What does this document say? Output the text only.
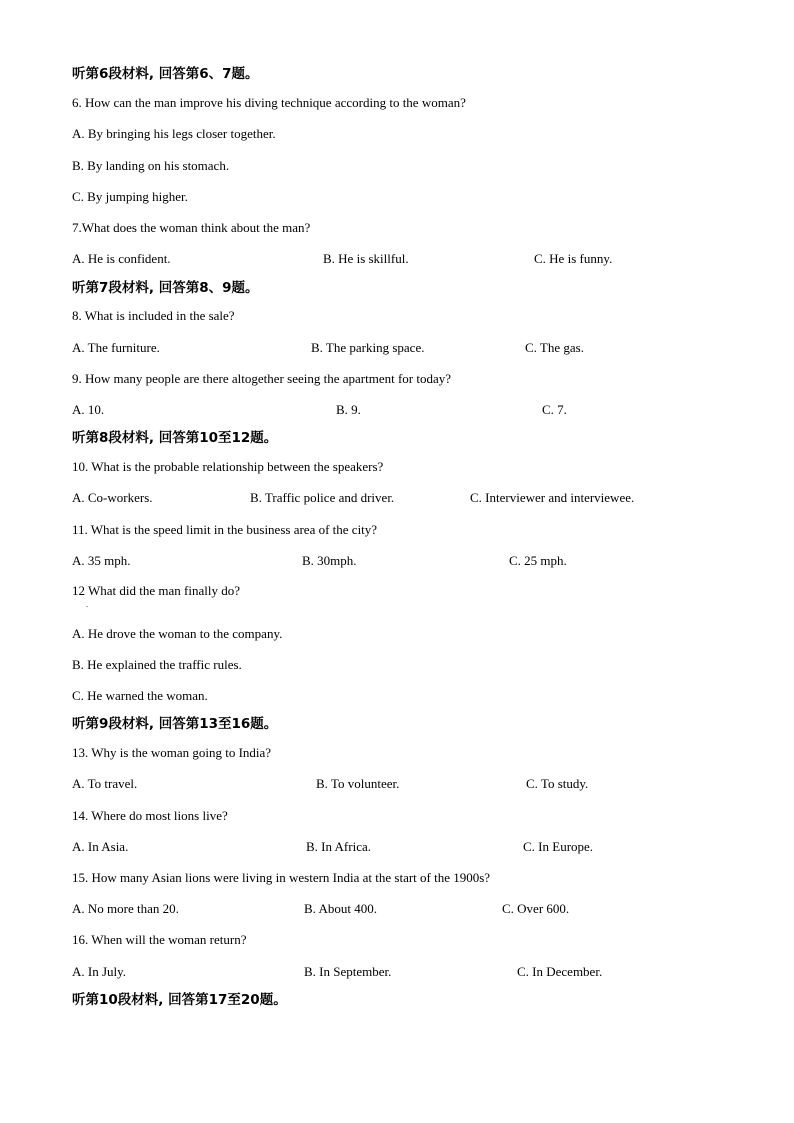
听第6段材料, 回答第6、7题。
6. How can the man improve his diving technique according to the woman?
A. By bringing his legs closer together.
B. By landing on his stomach.
C. By jumping higher.
7.What does the woman think about the man?
A. He is confident.	B. He is skillful.	C. He is funny.
听第7段材料, 回答第8、9题。
8. What is included in the sale?
A. The furniture.	B. The parking space.	C. The gas.
9. How many people are there altogether seeing the apartment for today?
A. 10.	B. 9.	C. 7.
听第8段材料, 回答第10至12题。
10. What is the probable relationship between the speakers?
A. Co-workers.	B. Traffic police and driver.	C. Interviewer and interviewee.
11. What is the speed limit in the business area of the city?
A. 35 mph.	B. 30mph.	C. 25 mph.
12 What did the man finally do?
.
A. He drove the woman to the company.
B. He explained the traffic rules.
C. He warned the woman.
听第9段材料, 回答第13至16题。
13. Why is the woman going to India?
A. To travel.	B. To volunteer.	C. To study.
14. Where do most lions live?
A. In Asia.	B. In Africa.	C. In Europe.
15. How many Asian lions were living in western India at the start of the 1900s?
A. No more than 20.	B. About 400.	C. Over 600.
16. When will the woman return?
A. In July.	B. In September.	C. In December.
听第10段材料, 回答第17至20题。
